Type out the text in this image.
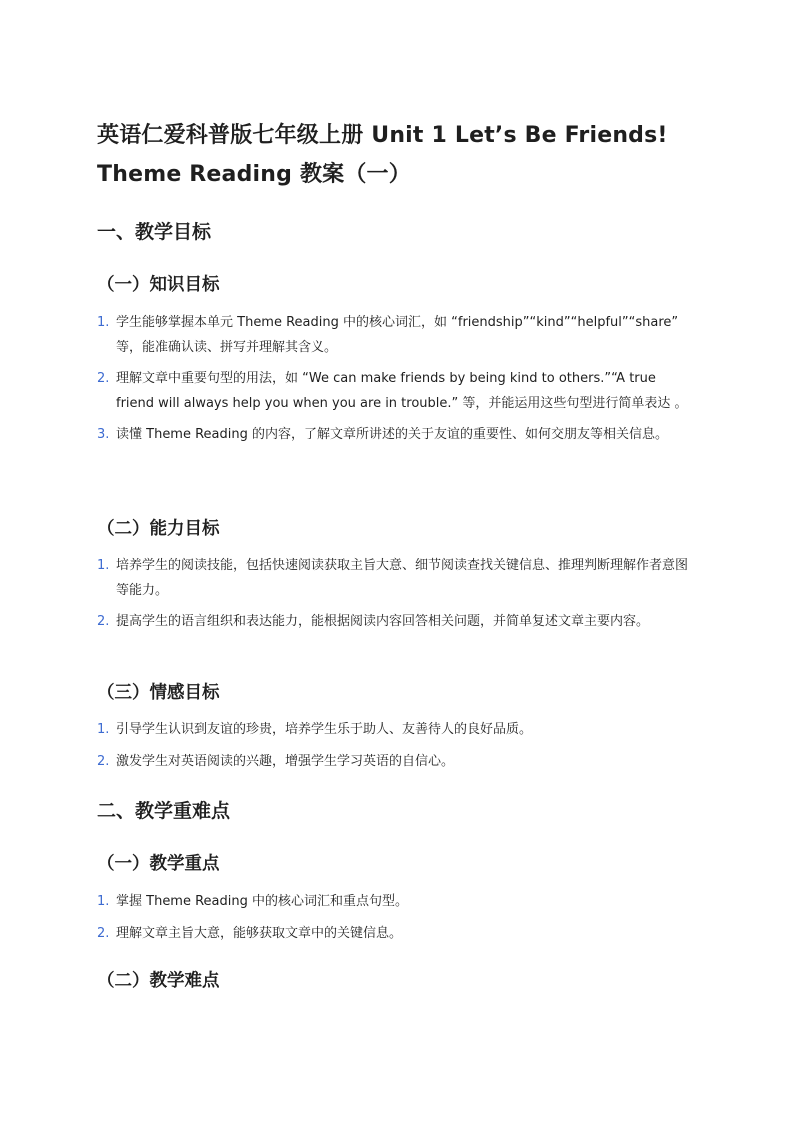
英语仁爱科普版七年级上册 Unit 1 Let’s Be Friends! Theme Reading 教案（一）
一、教学目标
（一）知识目标
1. 学生能够掌握本单元 Theme Reading 中的核心词汇，如 “friendship”“kind”“helpful”“share” 等，能准确认读、拼写并理解其含义。
2. 理解文章中重要句型的用法，如 “We can make friends by being kind to others.”“A true friend will always help you when you are in trouble.” 等，并能运用这些句型进行简单表达 。
3. 读懂 Theme Reading 的内容，了解文章所讲述的关于友谊的重要性、如何交朋友等相关信息。
（二）能力目标
1. 培养学生的阅读技能，包括快速阅读获取主旨大意、细节阅读查找关键信息、推理判断理解作者意图等能力。
2. 提高学生的语言组织和表达能力，能根据阅读内容回答相关问题，并简单复述文章主要内容。
（三）情感目标
1. 引导学生认识到友谊的珍贵，培养学生乐于助人、友善待人的良好品质。
2. 激发学生对英语阅读的兴趣，增强学生学习英语的自信心。
二、教学重难点
（一）教学重点
1. 掌握 Theme Reading 中的核心词汇和重点句型。
2. 理解文章主旨大意，能够获取文章中的关键信息。
（二）教学难点
